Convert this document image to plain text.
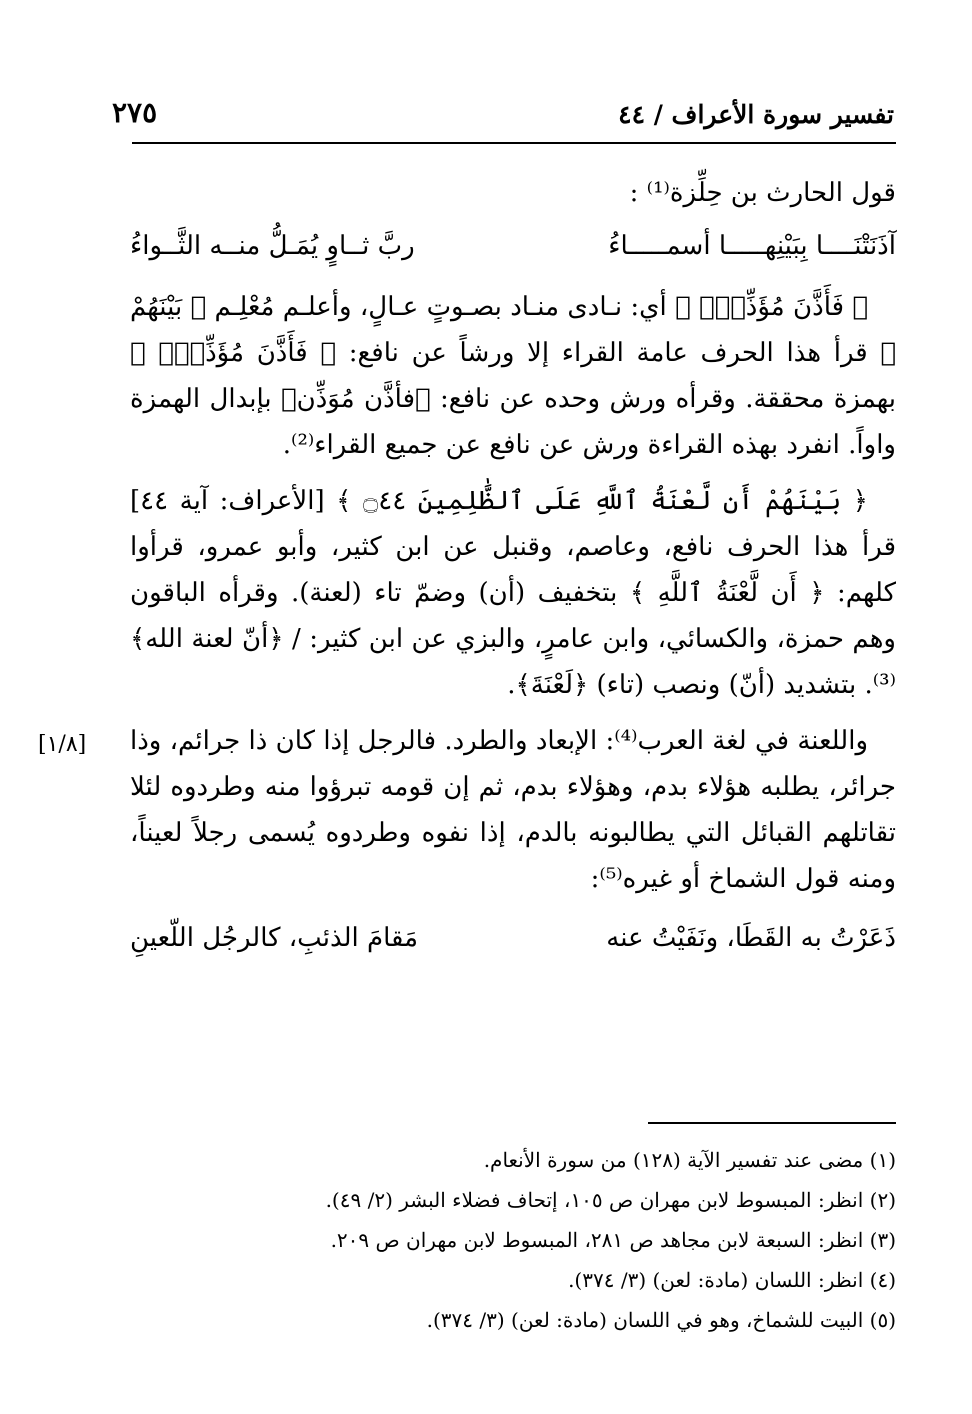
تفسير سورة الأعراف / ٤٤
٢٧٥

قول الحارث بن حِلِّزة⁽¹⁾ :

آذَنَتْنَــــا بِبَيْنِهـــــا أسمـــــاءُ
ربَّ ثــاوٍ يُمَـلُّ منــه الثَّــواءُ

﴿ فَأَذَّنَ مُؤَذِّنٌۢ ﴾ أي: نـادى منـاد بصـوتٍ عـالٍ، وأعلـم مُعْلِـم ﴿ بَيْنَهُمْ ﴾ قرأ هذا الحرف عامة القراء إلا ورشاً عن نافع: ﴿ فَأَذَّنَ مُؤَذِّنٌۢ ﴾ بهمزة محققة. وقرأه ورش وحده عن نافع: ﴿فأذَّن مُوَذِّن﴾ بإبدال الهمزة واواً. انفرد بهذه القراءة ورش عن نافع عن جميع القراء⁽²⁾.

﴿ بَيْنَهُمْ أَن لَّعْنَةُ ٱللَّهِ عَلَى ٱلظَّٰلِمِينَ ۝٤٤ ﴾ [الأعراف: آية ٤٤] قرأ هذا الحرف نافع، وعاصم، وقنبل عن ابن كثير، وأبو عمرو، قرأوا كلهم: ﴿ أَن لَّعْنَةُ ٱللَّهِ ﴾ بتخفيف (أن) وضمّ تاء (لعنة). وقرأه الباقون وهم حمزة، والكسائي، وابن عامرٍ، والبزي عن ابن كثير: / ﴿أنّ لعنة الله﴾⁽³⁾. بتشديد (أنّ) ونصب (تاء) ﴿لَعْنَةَ﴾.

واللعنة في لغة العرب⁽⁴⁾: الإبعاد والطرد. فالرجل إذا كان ذا جرائم، وذا جرائر، يطلبه هؤلاء بدم، وهؤلاء بدم، ثم إن قومه تبرؤوا منه وطردوه لئلا تقاتلهم القبائل التي يطالبونه بالدم، إذا نفوه وطردوه يُسمى رجلاً لعيناً، ومنه قول الشماخ أو غيره⁽⁵⁾:

ذَعَرْتُ به القَطَا، ونَفَيْتُ عنه
مَقامَ الذئبِ، كالرجُل اللّعينِ
[١/٨]
(١) مضى عند تفسير الآية (١٢٨) من سورة الأنعام.
(٢) انظر: المبسوط لابن مهران ص ١٠٥، إتحاف فضلاء البشر (٢/ ٤٩).
(٣) انظر: السبعة لابن مجاهد ص ٢٨١، المبسوط لابن مهران ص ٢٠٩.
(٤) انظر: اللسان (مادة: لعن) (٣/ ٣٧٤).
(٥) البيت للشماخ، وهو في اللسان (مادة: لعن) (٣/ ٣٧٤).
